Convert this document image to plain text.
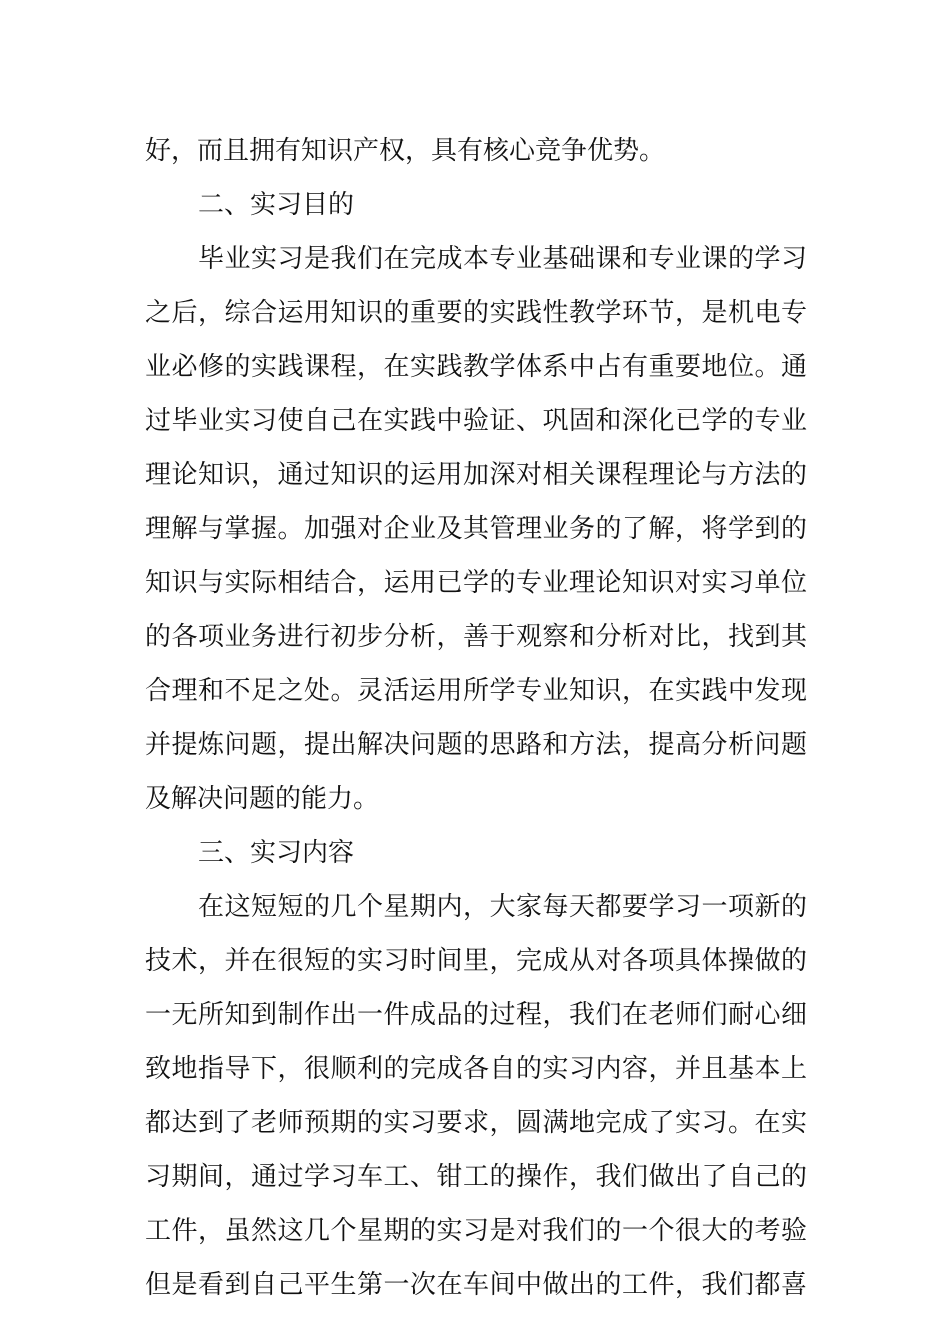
好，而且拥有知识产权，具有核心竞争优势。
二、实习目的
毕业实习是我们在完成本专业基础课和专业课的学习
之后，综合运用知识的重要的实践性教学环节，是机电专
业必修的实践课程，在实践教学体系中占有重要地位。通
过毕业实习使自己在实践中验证、巩固和深化已学的专业
理论知识，通过知识的运用加深对相关课程理论与方法的
理解与掌握。加强对企业及其管理业务的了解，将学到的
知识与实际相结合，运用已学的专业理论知识对实习单位
的各项业务进行初步分析，善于观察和分析对比，找到其
合理和不足之处。灵活运用所学专业知识，在实践中发现
并提炼问题，提出解决问题的思路和方法，提高分析问题
及解决问题的能力。
三、实习内容
在这短短的几个星期内，大家每天都要学习一项新的
技术，并在很短的实习时间里，完成从对各项具体操做的
一无所知到制作出一件成品的过程，我们在老师们耐心细
致地指导下，很顺利的完成各自的实习内容，并且基本上
都达到了老师预期的实习要求，圆满地完成了实习。在实
习期间，通过学习车工、钳工的操作，我们做出了自己的
工件，虽然这几个星期的实习是对我们的一个很大的考验
但是看到自己平生第一次在车间中做出的工件，我们都喜
